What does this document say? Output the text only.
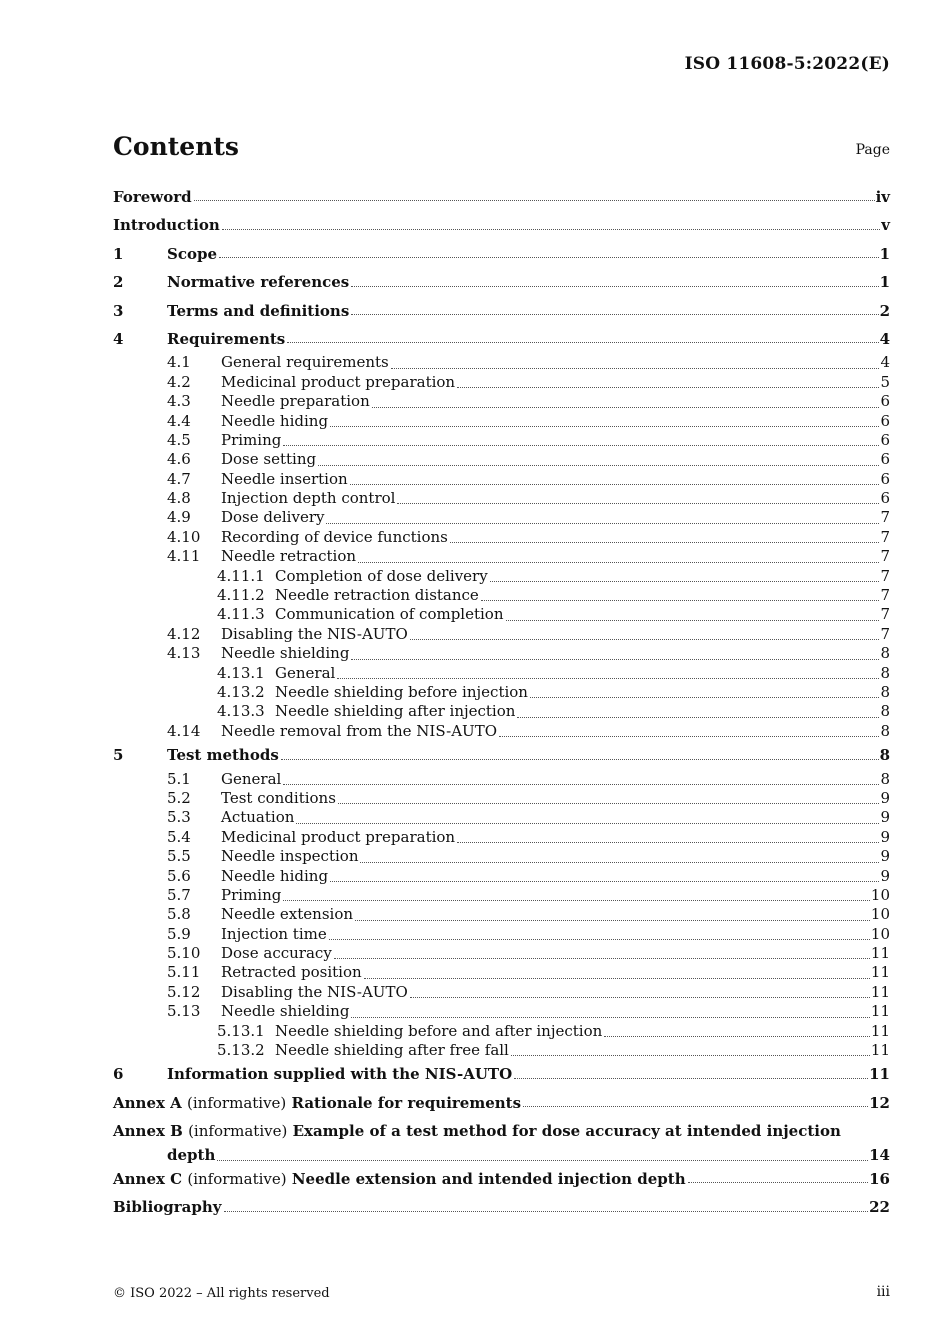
ISO 11608-5:2022(E)
Contents	Page
Foreword	iv
Introduction	v
1	Scope	1
2	Normative references	1
3	Terms and definitions	2
4	Requirements	4
4.1 General requirements	4
4.2 Medicinal product preparation	5
4.3 Needle preparation	6
4.4 Needle hiding	6
4.5 Priming	6
4.6 Dose setting	6
4.7 Needle insertion	6
4.8 Injection depth control	6
4.9 Dose delivery	7
4.10 Recording of device functions	7
4.11 Needle retraction	7
4.11.1 Completion of dose delivery	7
4.11.2 Needle retraction distance	7
4.11.3 Communication of completion	7
4.12 Disabling the NIS-AUTO	7
4.13 Needle shielding	8
4.13.1 General	8
4.13.2 Needle shielding before injection	8
4.13.3 Needle shielding after injection	8
4.14 Needle removal from the NIS-AUTO	8
5	Test methods	8
5.1 General	8
5.2 Test conditions	9
5.3 Actuation	9
5.4 Medicinal product preparation	9
5.5 Needle inspection	9
5.6 Needle hiding	9
5.7 Priming	10
5.8 Needle extension	10
5.9 Injection time	10
5.10 Dose accuracy	11
5.11 Retracted position	11
5.12 Disabling the NIS-AUTO	11
5.13 Needle shielding	11
5.13.1 Needle shielding before and after injection	11
5.13.2 Needle shielding after free fall	11
6	Information supplied with the NIS-AUTO	11
Annex A (informative) Rationale for requirements	12
Annex B (informative) Example of a test method for dose accuracy at intended injection
depth	14
Annex C (informative) Needle extension and intended injection depth	16
Bibliography	22
© ISO 2022 – All rights reserved	iii
